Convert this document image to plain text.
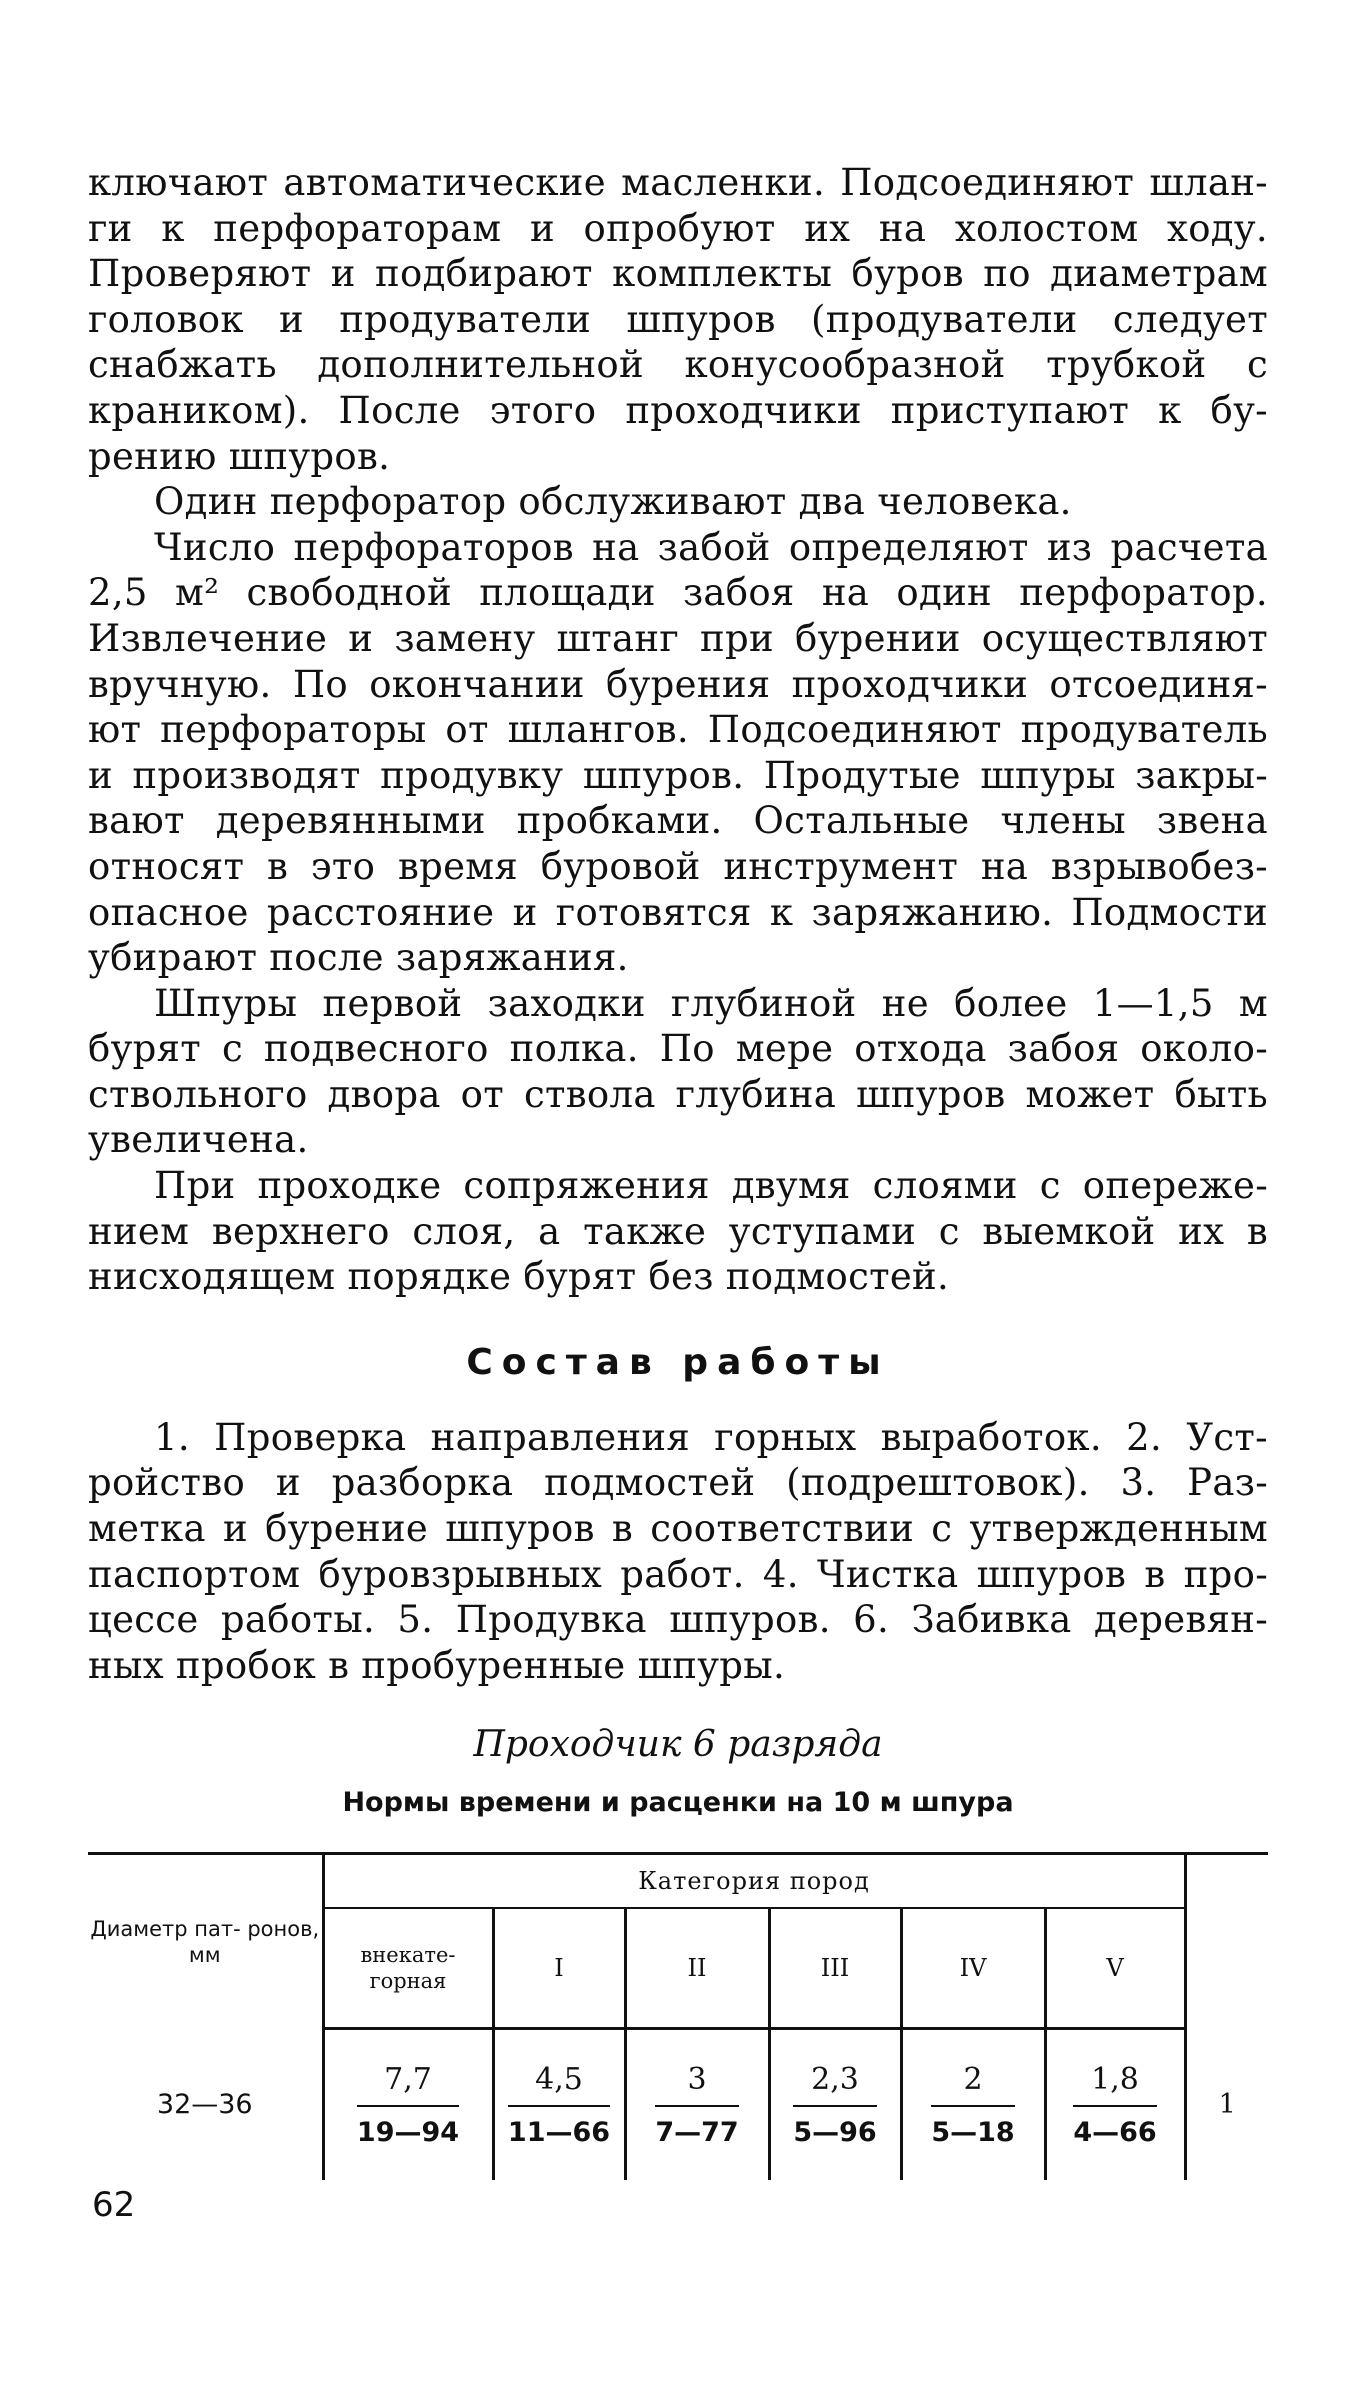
ключают автоматические масленки. Подсоединяют шлан- ги к перфораторам и опробуют их на холостом ходу. Проверяют и подбирают комплекты буров по диаметрам головок и продуватели шпуров (продуватели следует снабжать дополнительной конусообразной трубкой с краником). После этого проходчики приступают к бу- рению шпуров.

Один перфоратор обслуживают два человека.

Число перфораторов на забой определяют из расчета 2,5 м² свободной площади забоя на один перфоратор. Извлечение и замену штанг при бурении осуществляют вручную. По окончании бурения проходчики отсоединя- ют перфораторы от шлангов. Подсоединяют продуватель и производят продувку шпуров. Продутые шпуры закры- вают деревянными пробками. Остальные члены звена относят в это время буровой инструмент на взрывобез- опасное расстояние и готовятся к заряжанию. Подмости убирают после заряжания.

Шпуры первой заходки глубиной не более 1—1,5 м бурят с подвесного полка. По мере отхода забоя около- ствольного двора от ствола глубина шпуров может быть увеличена.

При проходке сопряжения двумя слоями с опереже- нием верхнего слоя, а также уступами с выемкой их в нисходящем порядке бурят без подмостей.

Состав работы

1. Проверка направления горных выработок. 2. Уст- ройство и разборка подмостей (подрештовок). 3. Раз- метка и бурение шпуров в соответствии с утвержденным паспортом буровзрывных работ. 4. Чистка шпуров в про- цессе работы. 5. Продувка шпуров. 6. Забивка деревян- ных пробок в пробуренные шпуры.

Проходчик 6 разряда
Нормы времени и расценки на 10 м шпура
Диаметр пат- ронов, мм	Категория пород						
	внекате- горная	I	II	III	IV	V	
32—36	$\frac{7,7}{19—94}$	$\frac{4,5}{11—66}$	$\frac{3}{7—77}$	$\frac{2,3}{5—96}$	$\frac{2}{5—18}$	$\frac{1,8}{4—66}$	1
62
